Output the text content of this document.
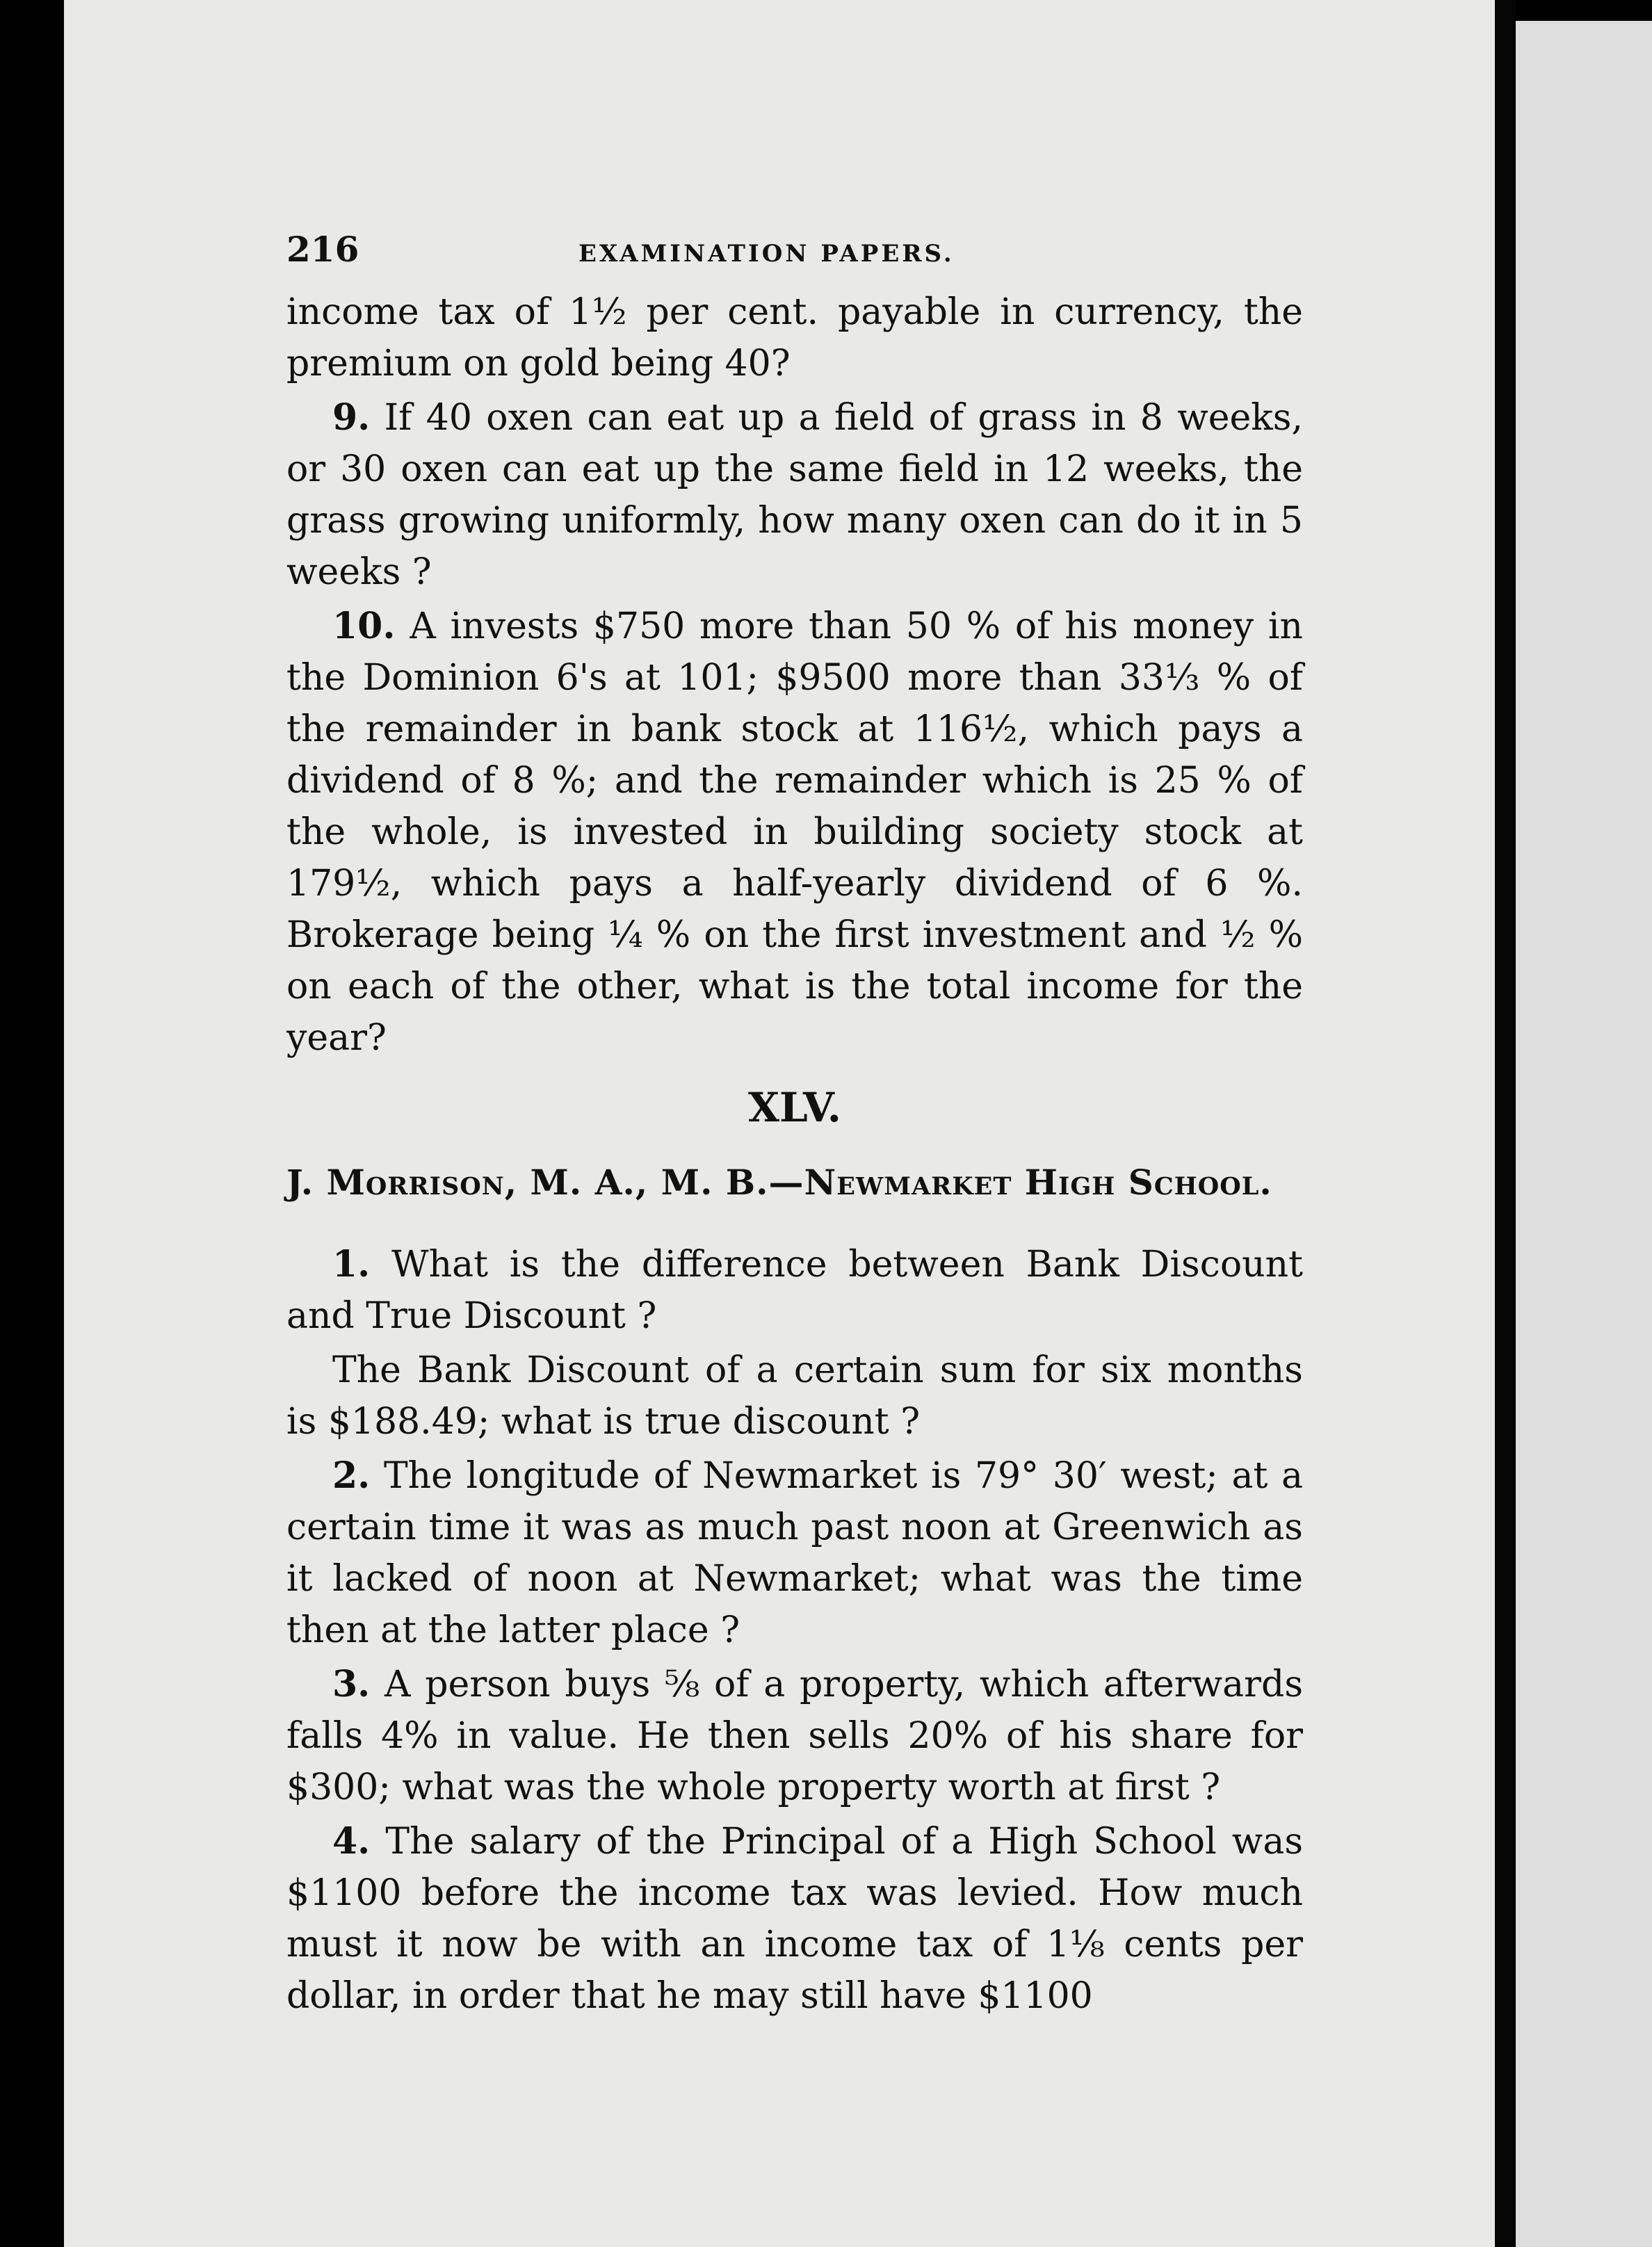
216	EXAMINATION PAPERS.

income tax of 1½ per cent. payable in currency, the premium on gold being 40?

9. If 40 oxen can eat up a field of grass in 8 weeks, or 30 oxen can eat up the same field in 12 weeks, the grass growing uniformly, how many oxen can do it in 5 weeks ?

10. A invests $750 more than 50 % of his money in the Dominion 6's at 101; $9500 more than 33⅓ % of the remainder in bank stock at 116½, which pays a dividend of 8 %; and the remainder which is 25 % of the whole, is invested in building society stock at 179½, which pays a half-yearly dividend of 6 %. Brokerage being ¼ % on the first investment and ½ % on each of the other, what is the total income for the year?

XLV.
J. Morrison, M. A., M. B.—Newmarket High School.

1. What is the difference between Bank Discount and True Discount ?

The Bank Discount of a certain sum for six months is $188.49; what is true discount ?

2. The longitude of Newmarket is 79° 30′ west; at a certain time it was as much past noon at Greenwich as it lacked of noon at Newmarket; what was the time then at the latter place ?

3. A person buys ⅝ of a property, which afterwards falls 4% in value. He then sells 20% of his share for $300; what was the whole property worth at first ?

4. The salary of the Principal of a High School was $1100 before the income tax was levied. How much must it now be with an income tax of 1⅛ cents per dollar, in order that he may still have $1100
